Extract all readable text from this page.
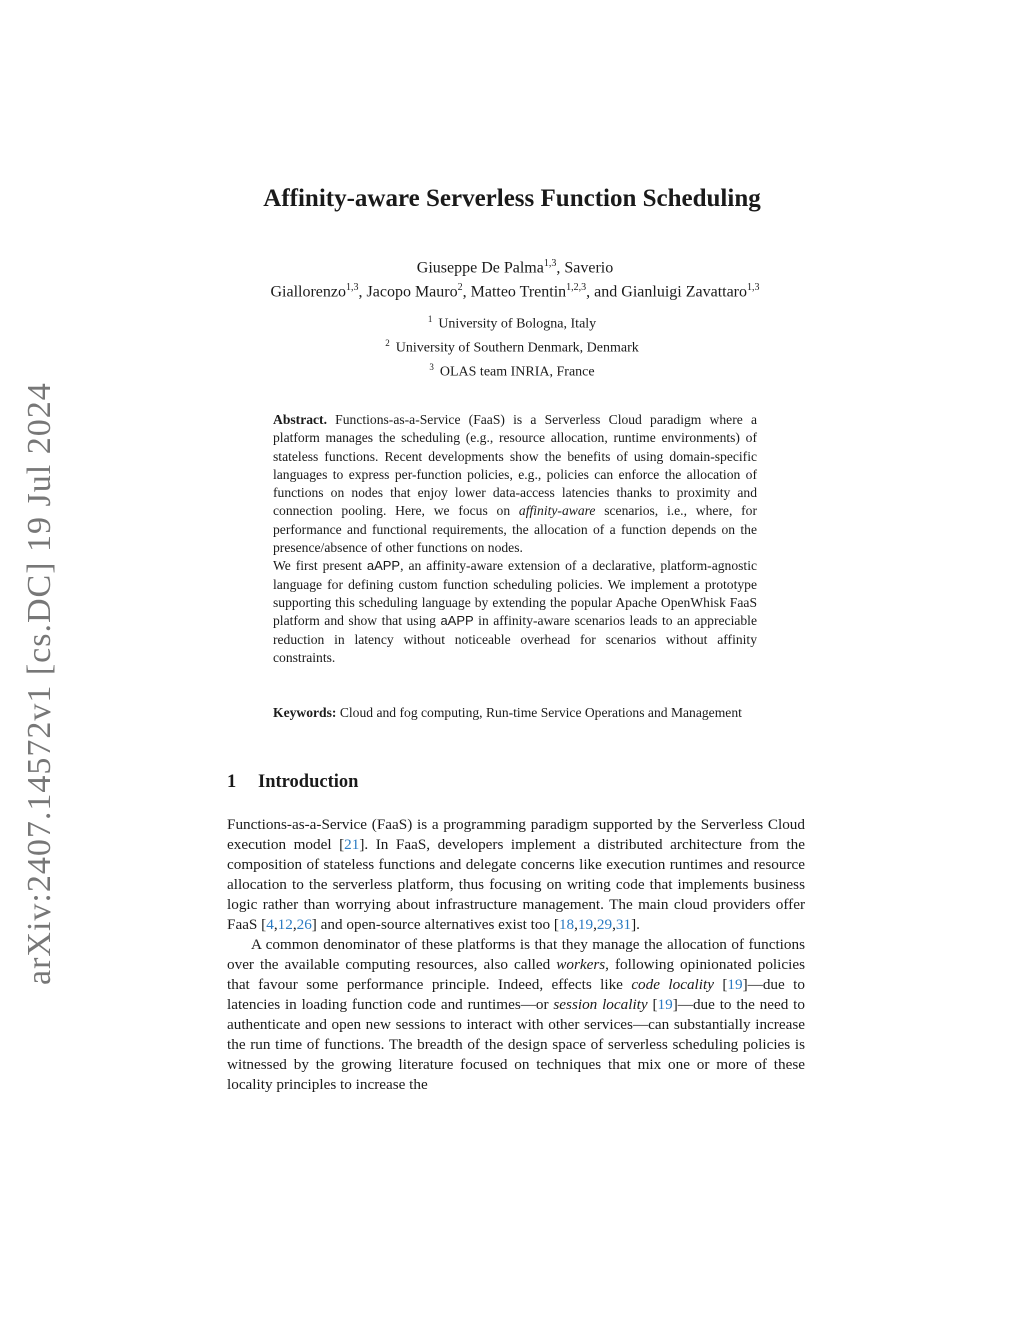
arXiv:2407.14572v1 [cs.DC] 19 Jul 2024
Affinity-aware Serverless Function Scheduling
Giuseppe De Palma$^{1,3}$, Saverio
Giallorenzo$^{1,3}$, Jacopo Mauro$^2$, Matteo Trentin$^{1,2,3}$, and Gianluigi Zavattaro$^{1,3}$
$^1$ University of Bologna, Italy
$^2$ University of Southern Denmark, Denmark
$^3$ OLAS team INRIA, France

Abstract. Functions-as-a-Service (FaaS) is a Serverless Cloud paradigm where a platform manages the scheduling (e.g., resource allocation, runtime environments) of stateless functions. Recent developments show the benefits of using domain-specific languages to express per-function policies, e.g., policies can enforce the allocation of functions on nodes that enjoy lower data-access latencies thanks to proximity and connection pooling. Here, we focus on affinity-aware scenarios, i.e., where, for performance and functional requirements, the allocation of a function depends on the presence/absence of other functions on nodes.

We first present aAPP, an affinity-aware extension of a declarative, platform-agnostic language for defining custom function scheduling policies. We implement a prototype supporting this scheduling language by extending the popular Apache OpenWhisk FaaS platform and show that using aAPP in affinity-aware scenarios leads to an appreciable reduction in latency without noticeable overhead for scenarios without affinity constraints.

Keywords: Cloud and fog computing, Run-time Service Operations and Management
1 Introduction

Functions-as-a-Service (FaaS) is a programming paradigm supported by the Serverless Cloud execution model [21]. In FaaS, developers implement a distributed architecture from the composition of stateless functions and delegate concerns like execution runtimes and resource allocation to the serverless platform, thus focusing on writing code that implements business logic rather than worrying about infrastructure management. The main cloud providers offer FaaS [4,12,26] and open-source alternatives exist too [18,19,29,31].

A common denominator of these platforms is that they manage the allocation of functions over the available computing resources, also called workers, following opinionated policies that favour some performance principle. Indeed, effects like code locality [19]—due to latencies in loading function code and runtimes—or session locality [19]—due to the need to authenticate and open new sessions to interact with other services—can substantially increase the run time of functions. The breadth of the design space of serverless scheduling policies is witnessed by the growing literature focused on techniques that mix one or more of these locality principles to increase the
